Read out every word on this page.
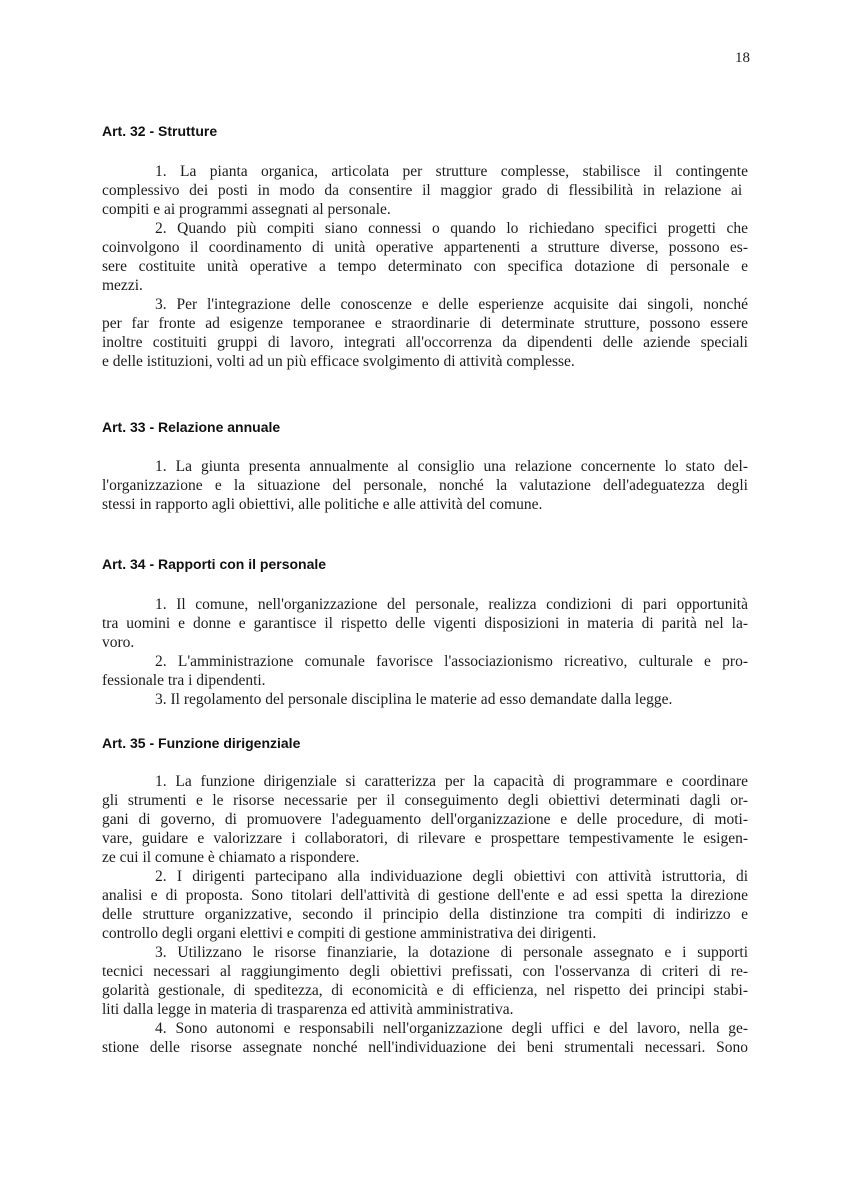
18
Art. 32 - Strutture
1. La pianta organica, articolata per strutture complesse, stabilisce il contingente
complessivo dei posti in modo da consentire il maggior grado di flessibilità in relazione ai
compiti e ai programmi assegnati al personale.
2. Quando più compiti siano connessi o quando lo richiedano specifici progetti che
coinvolgono il coordinamento di unità operative appartenenti a strutture diverse, possono es-
sere costituite unità operative a tempo determinato con specifica dotazione di personale e
mezzi.
3. Per l'integrazione delle conoscenze e delle esperienze acquisite dai singoli, nonché
per far fronte ad esigenze temporanee e straordinarie di determinate strutture, possono essere
inoltre costituiti gruppi di lavoro, integrati all'occorrenza da dipendenti delle aziende speciali
e delle istituzioni, volti ad un più efficace svolgimento di attività complesse.
Art. 33 - Relazione annuale
1. La giunta presenta annualmente al consiglio una relazione concernente lo stato del-
l'organizzazione e la situazione del personale, nonché la valutazione dell'adeguatezza degli
stessi in rapporto agli obiettivi, alle politiche e alle attività del comune.
Art. 34 - Rapporti con il personale
1. Il comune, nell'organizzazione del personale, realizza condizioni di pari opportunità
tra uomini e donne e garantisce il rispetto delle vigenti disposizioni in materia di parità nel la-
voro.
2. L'amministrazione comunale favorisce l'associazionismo ricreativo, culturale e pro-
fessionale tra i dipendenti.
3. Il regolamento del personale disciplina le materie ad esso demandate dalla legge.
Art. 35 - Funzione dirigenziale
1. La funzione dirigenziale si caratterizza per la capacità di programmare e coordinare
gli strumenti e le risorse necessarie per il conseguimento degli obiettivi determinati dagli or-
gani di governo, di promuovere l'adeguamento dell'organizzazione e delle procedure, di moti-
vare, guidare e valorizzare i collaboratori, di rilevare e prospettare tempestivamente le esigen-
ze cui il comune è chiamato a rispondere.
2. I dirigenti partecipano alla individuazione degli obiettivi con attività istruttoria, di
analisi e di proposta. Sono titolari dell'attività di gestione dell'ente e ad essi spetta la direzione
delle strutture organizzative, secondo il principio della distinzione tra compiti di indirizzo e
controllo degli organi elettivi e compiti di gestione amministrativa dei dirigenti.
3. Utilizzano le risorse finanziarie, la dotazione di personale assegnato e i supporti
tecnici necessari al raggiungimento degli obiettivi prefissati, con l'osservanza di criteri di re-
golarità gestionale, di speditezza, di economicità e di efficienza, nel rispetto dei principi stabi-
liti dalla legge in materia di trasparenza ed attività amministrativa.
4. Sono autonomi e responsabili nell'organizzazione degli uffici e del lavoro, nella ge-
stione delle risorse assegnate nonché nell'individuazione dei beni strumentali necessari. Sono
